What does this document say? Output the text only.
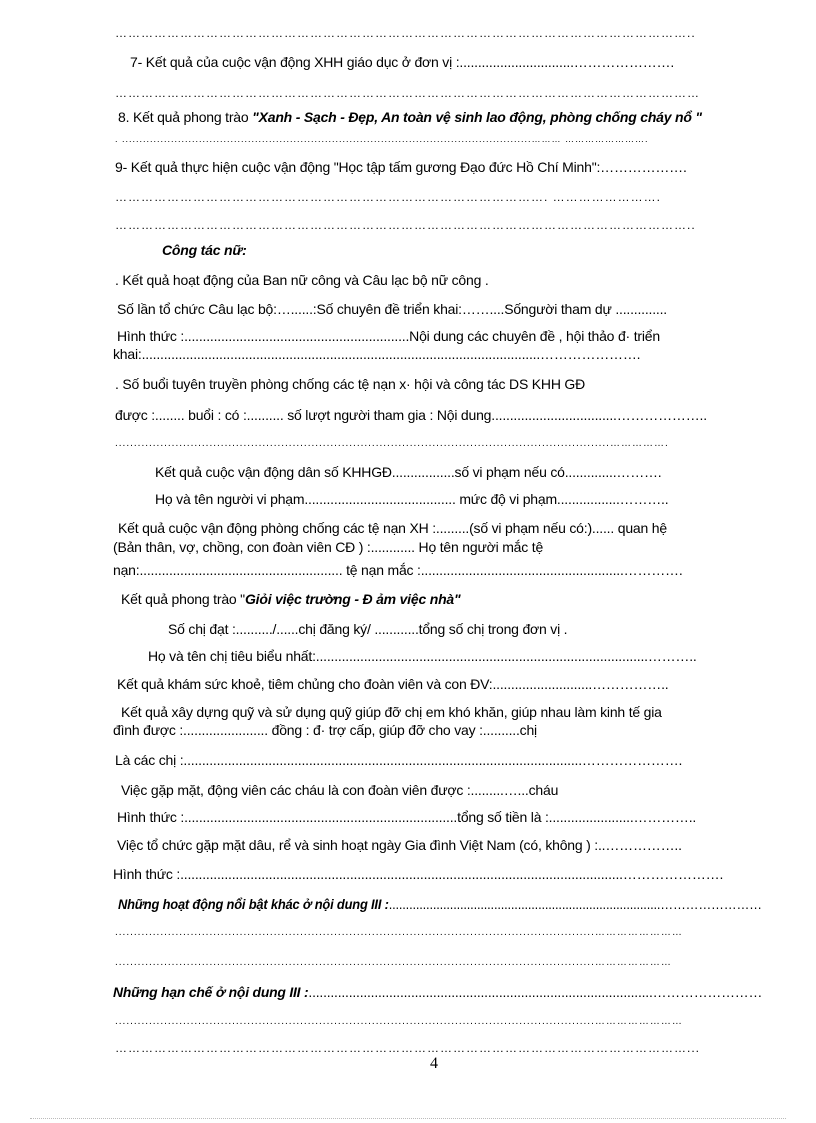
……………………………………………………………………………………………………………………..
7- Kết quả của cuộc vận động XHH giáo dục ở đơn vị :...............................………………….
………………………………………………………………………………………………………………………
8. Kết quả phong trào "Xanh - Sạch - Đẹp, An toàn vệ sinh lao động, phòng chống cháy nổ "
. .....................................................................................................................……… …………………….
9- Kết quả thực hiện cuộc vận động "Học tập tấm gương Đạo đức Hồ Chí Minh":……………….
………………………………………………………………………………………. …………………….
……………………………………………………………………………………………………………………..
Công tác nữ:
. Kết quả hoạt động của Ban nữ công và Câu lạc bộ nữ công .
Số lần tổ chức Câu lạc bộ:…......:Số chuyên đề triển khai:……....Sốngười tham dự ..............
Hình thức :.............................................................Nội dung các chuyên đề , hội thảo đ· triển
khai:............................................................................................................………………….
. Số buổi tuyên truyền phòng chống các tệ nạn x· hội và công tác DS KHH GĐ
được :........ buổi : có :.......... số lượt người tham gia : Nội dung..................................………………..
...................................................................................................................................…………….
Kết quả cuộc vận động dân số KHHGĐ.................số vi phạm nếu có..............……….
Họ và tên người vi phạm......................................... mức độ vi phạm.................………..
Kết quả cuộc vận động phòng chống các tệ nạn XH :.........(số vi phạm nếu có:)...... quan hệ
(Bản thân, vợ, chồng, con đoàn viên CĐ ) :............ Họ tên người mắc tệ
nạn:....................................................... tệ nạn mắc :.......................................................………….
Kết quả phong trào "Giỏi việc trường - Đ ảm việc nhà"
Số chị đạt :........../......chị đăng ký/ ............tổng số chị trong đơn vị .
Họ và tên chị tiêu biểu nhất:..........................................................................................………..
Kết quả khám sức khoẻ, tiêm chủng cho đoàn viên và con ĐV:...........................……………..
Kết quả xây dựng quỹ và sử dụng quỹ giúp đỡ chị em khó khăn, giúp nhau làm kinh tế gia
đình được :....................... đồng : đ· trợ cấp, giúp đỡ cho vay :..........chị
Là các chị :............................................................................................................………………….
Việc gặp mặt, động viên các cháu là con đoàn viên được :.........…...cháu
Hình thức :..........................................................................tổng số tiền là :.......................…………..
Việc tổ chức gặp mặt dâu, rể và sinh hoạt ngày Gia đình Việt Nam (có, không ) :..……………..
Hình thức :........................................................................................................................………………….
Những hoạt động nổi bật khác ở nội dung III :................................................................................……………………
...............................................................................................................................……………………
...............................................................................................................................…………………
Những hạn chế ở nội dung III :..............................................................................................……………………
...............................................................................................................................……………………
……………………………………………………………………………………………………………………...
4
